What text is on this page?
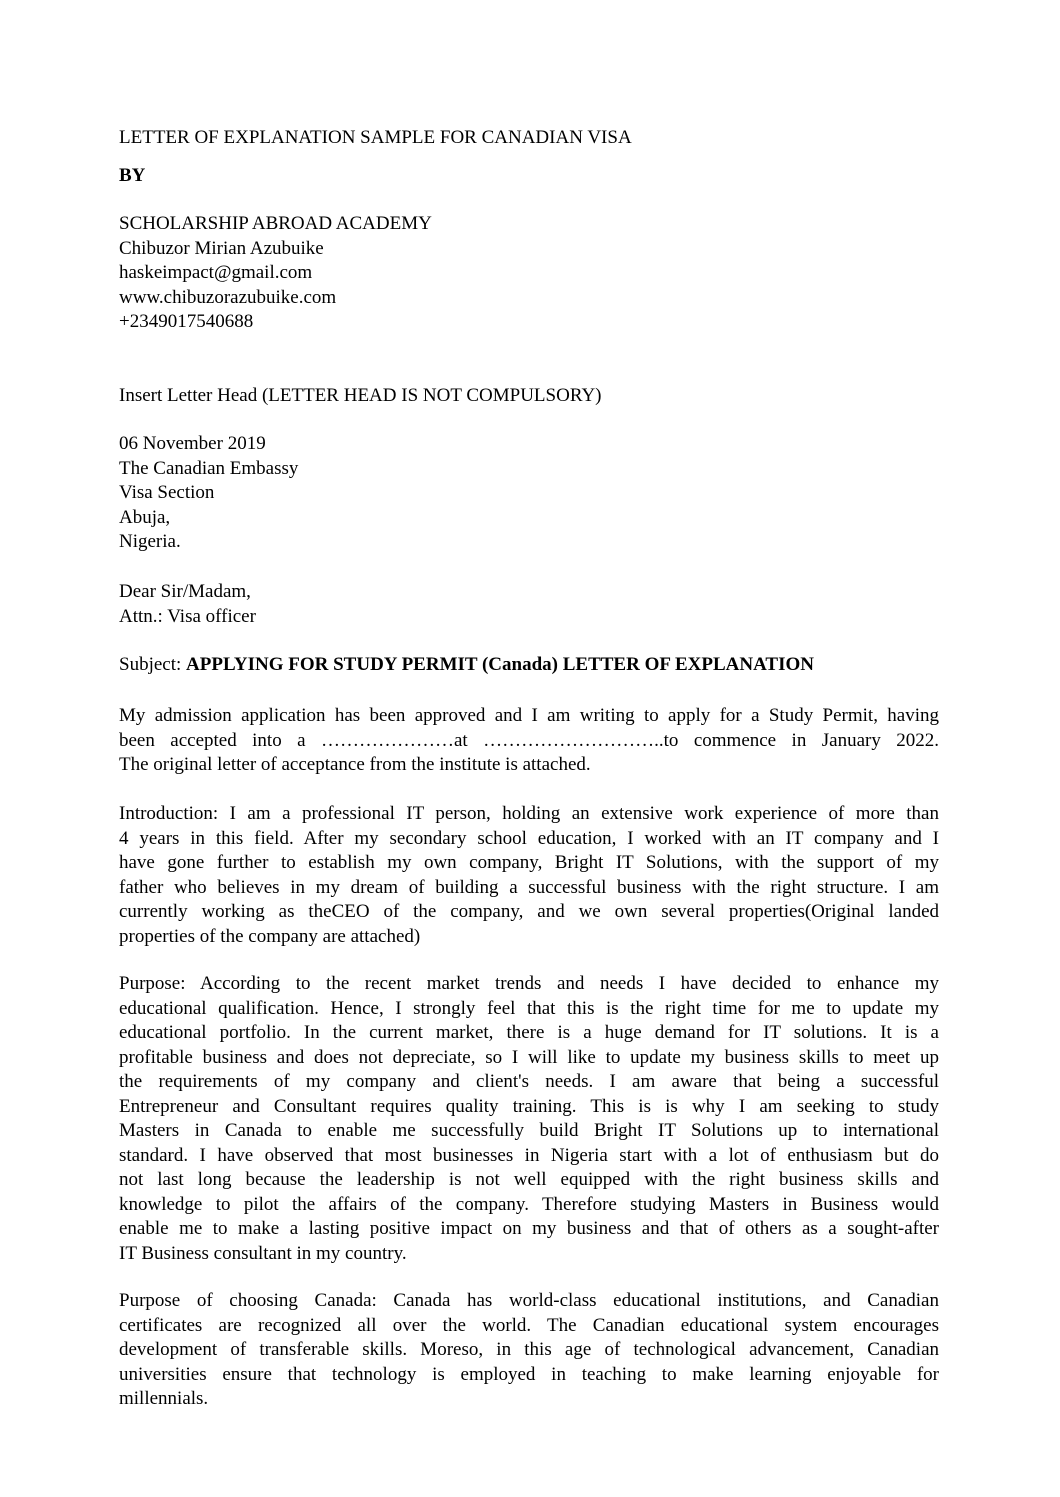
LETTER OF EXPLANATION SAMPLE FOR CANADIAN VISA
BY
SCHOLARSHIP ABROAD ACADEMY
Chibuzor Mirian Azubuike
haskeimpact@gmail.com
www.chibuzorazubuike.com
+2349017540688
Insert Letter Head (LETTER HEAD IS NOT COMPULSORY)
06 November 2019
The Canadian Embassy
Visa Section
Abuja,
Nigeria.
Dear Sir/Madam,
Attn.: Visa officer
Subject: APPLYING FOR STUDY PERMIT (Canada) LETTER OF EXPLANATION
My admission application has been approved and I am writing to apply for a Study Permit, having
been accepted into a …………………at ………………………..to commence in January 2022.
The original letter of acceptance from the institute is attached.
Introduction: I am a professional IT person, holding an extensive work experience of more than
4 years in this field. After my secondary school education, I worked with an IT company and I
have gone further to establish my own company, Bright IT Solutions, with the support of my
father who believes in my dream of building a successful business with the right structure. I am
currently working as theCEO of the company, and we own several properties(Original landed
properties of the company are attached)
Purpose: According to the recent market trends and needs I have decided to enhance my
educational qualification. Hence, I strongly feel that this is the right time for me to update my
educational portfolio. In the current market, there is a huge demand for IT solutions. It is a
profitable business and does not depreciate, so I will like to update my business skills to meet up
the requirements of my company and client's needs. I am aware that being a successful
Entrepreneur and Consultant requires quality training. This is is why I am seeking to study
Masters in Canada to enable me successfully build Bright IT Solutions up to international
standard. I have observed that most businesses in Nigeria start with a lot of enthusiasm but do
not last long because the leadership is not well equipped with the right business skills and
knowledge to pilot the affairs of the company. Therefore studying Masters in Business would
enable me to make a lasting positive impact on my business and that of others as a sought-after
IT Business consultant in my country.
Purpose of choosing Canada: Canada has world-class educational institutions, and Canadian
certificates are recognized all over the world. The Canadian educational system encourages
development of transferable skills. Moreso, in this age of technological advancement, Canadian
universities ensure that technology is employed in teaching to make learning enjoyable for
millennials.
